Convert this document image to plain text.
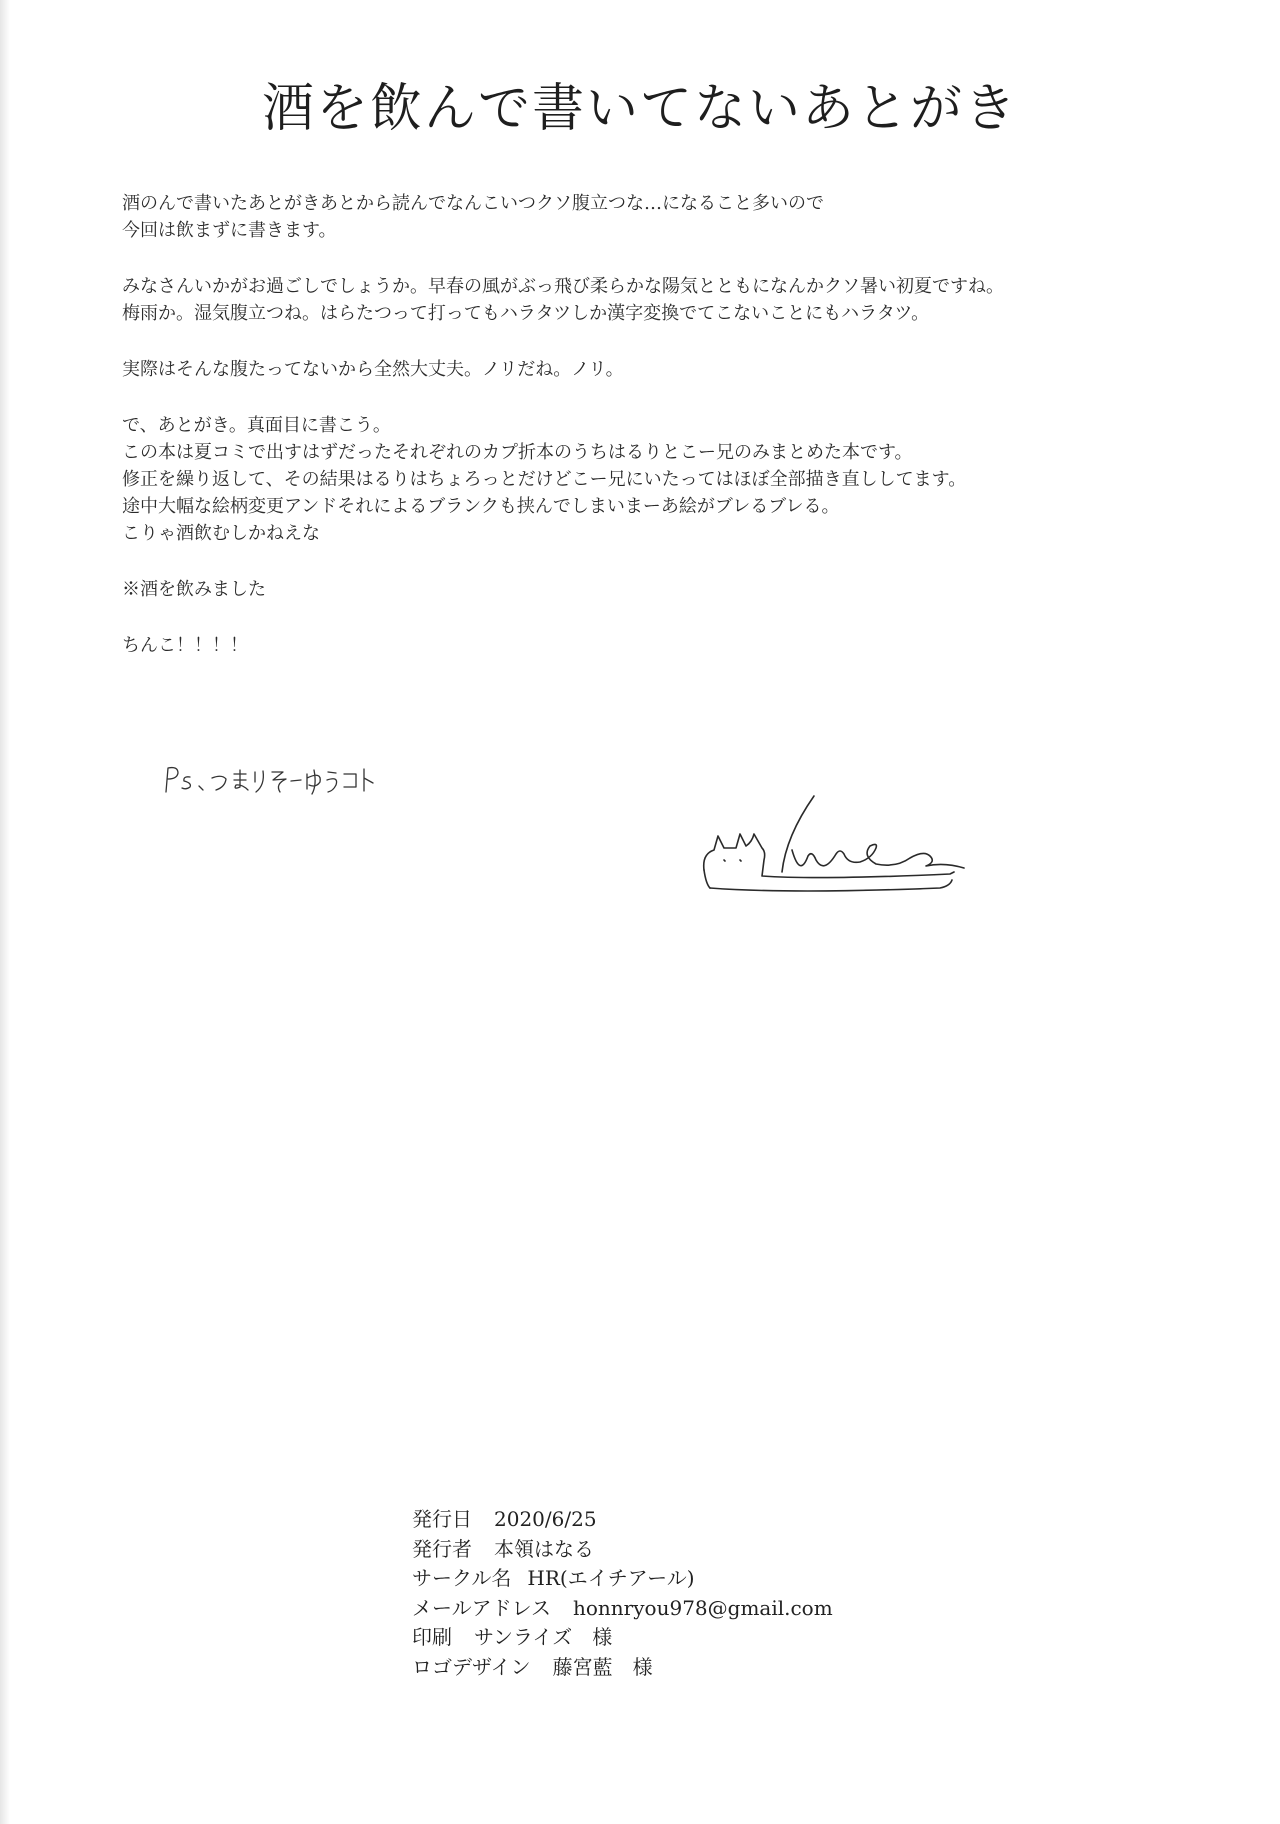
酒を飲んで書いてないあとがき
酒のんで書いたあとがきあとから読んでなんこいつクソ腹立つな…になること多いので
今回は飲まずに書きます。
みなさんいかがお過ごしでしょうか。早春の風がぶっ飛び柔らかな陽気とともになんかクソ暑い初夏ですね。
梅雨か。湿気腹立つね。はらたつって打ってもハラタツしか漢字変換でてこないことにもハラタツ。
実際はそんな腹たってないから全然大丈夫。ノリだね。ノリ。
で、あとがき。真面目に書こう。
この本は夏コミで出すはずだったそれぞれのカプ折本のうちはるりとこー兄のみまとめた本です。
修正を繰り返して、その結果はるりはちょろっとだけどこー兄にいたってはほぼ全部描き直ししてます。
途中大幅な絵柄変更アンドそれによるブランクも挟んでしまいまーあ絵がブレるブレる。
こりゃ酒飲むしかねえな
※酒を飲みました
ちんこ！！！！
発行日 2020/6/25
発行者 本領はなる
サークル名 HR(エイチアール)
メールアドレス honnryou978@gmail.com
印刷 サンライズ　様
ロゴデザイン 藤宮藍　様
